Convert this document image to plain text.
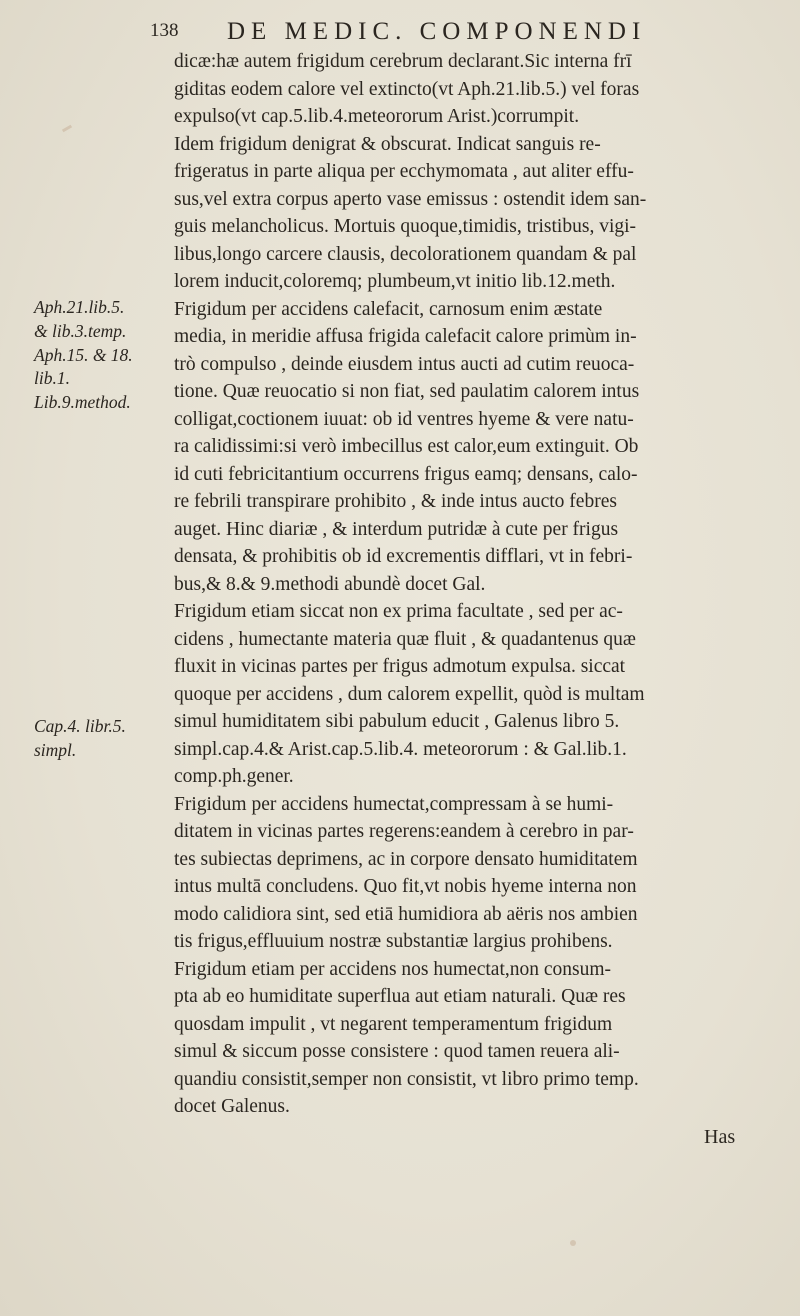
138 DE MEDIC. COMPONENDI
dicæ:hæ autem frigidum cerebrum declarant.Sic interna frī
giditas eodem calore vel extincto(vt Aph.21.lib.5.) vel foras
expulso(vt cap.5.lib.4.meteororum Arist.)corrumpit.
Idem frigidum denigrat & obscurat. Indicat sanguis re-
frigeratus in parte aliqua per ecchymomata , aut aliter effu-
sus,vel extra corpus aperto vase emissus : ostendit idem san-
guis melancholicus. Mortuis quoque,timidis, tristibus, vigi-
libus,longo carcere clausis, decolorationem quandam & pal
lorem inducit,coloremq; plumbeum,vt initio lib.12.meth.
Frigidum per accidens calefacit, carnosum enim æstate
media, in meridie affusa frigida calefacit calore primùm in-
trò compulso , deinde eiusdem intus aucti ad cutim reuoca-
tione. Quæ reuocatio si non fiat, sed paulatim calorem intus
colligat,coctionem iuuat: ob id ventres hyeme & vere natu-
ra calidissimi:si verò imbecillus est calor,eum extinguit. Ob
id cuti febricitantium occurrens frigus eamq; densans, calo-
re febrili transpirare prohibito , & inde intus aucto febres
auget. Hinc diariæ , & interdum putridæ à cute per frigus
densata, & prohibitis ob id excrementis difflari, vt in febri-
bus,& 8.& 9.methodi abundè docet Gal.
Frigidum etiam siccat non ex prima facultate , sed per ac-
cidens , humectante materia quæ fluit , & quadantenus quæ
fluxit in vicinas partes per frigus admotum expulsa. siccat
quoque per accidens , dum calorem expellit, quòd is multam
simul humiditatem sibi pabulum educit , Galenus libro 5.
simpl.cap.4.& Arist.cap.5.lib.4. meteororum : & Gal.lib.1.
comp.ph.gener.
Frigidum per accidens humectat,compressam à se humi-
ditatem in vicinas partes regerens:eandem à cerebro in par-
tes subiectas deprimens, ac in corpore densato humiditatem
intus multā concludens. Quo fit,vt nobis hyeme interna non
modo calidiora sint, sed etiā humidiora ab aëris nos ambien
tis frigus,effluuium nostræ substantiæ largius prohibens.
Frigidum etiam per accidens nos humectat,non consum-
pta ab eo humiditate superflua aut etiam naturali. Quæ res
quosdam impulit , vt negarent temperamentum frigidum
simul & siccum posse consistere : quod tamen reuera ali-
quandiu consistit,semper non consistit, vt libro primo temp.
docet Galenus.
Aph.21.lib.5.
& lib.3.temp.
Aph.15. & 18.
lib.1.
Lib.9.method.
Cap.4. libr.5.
simpl.
Has
